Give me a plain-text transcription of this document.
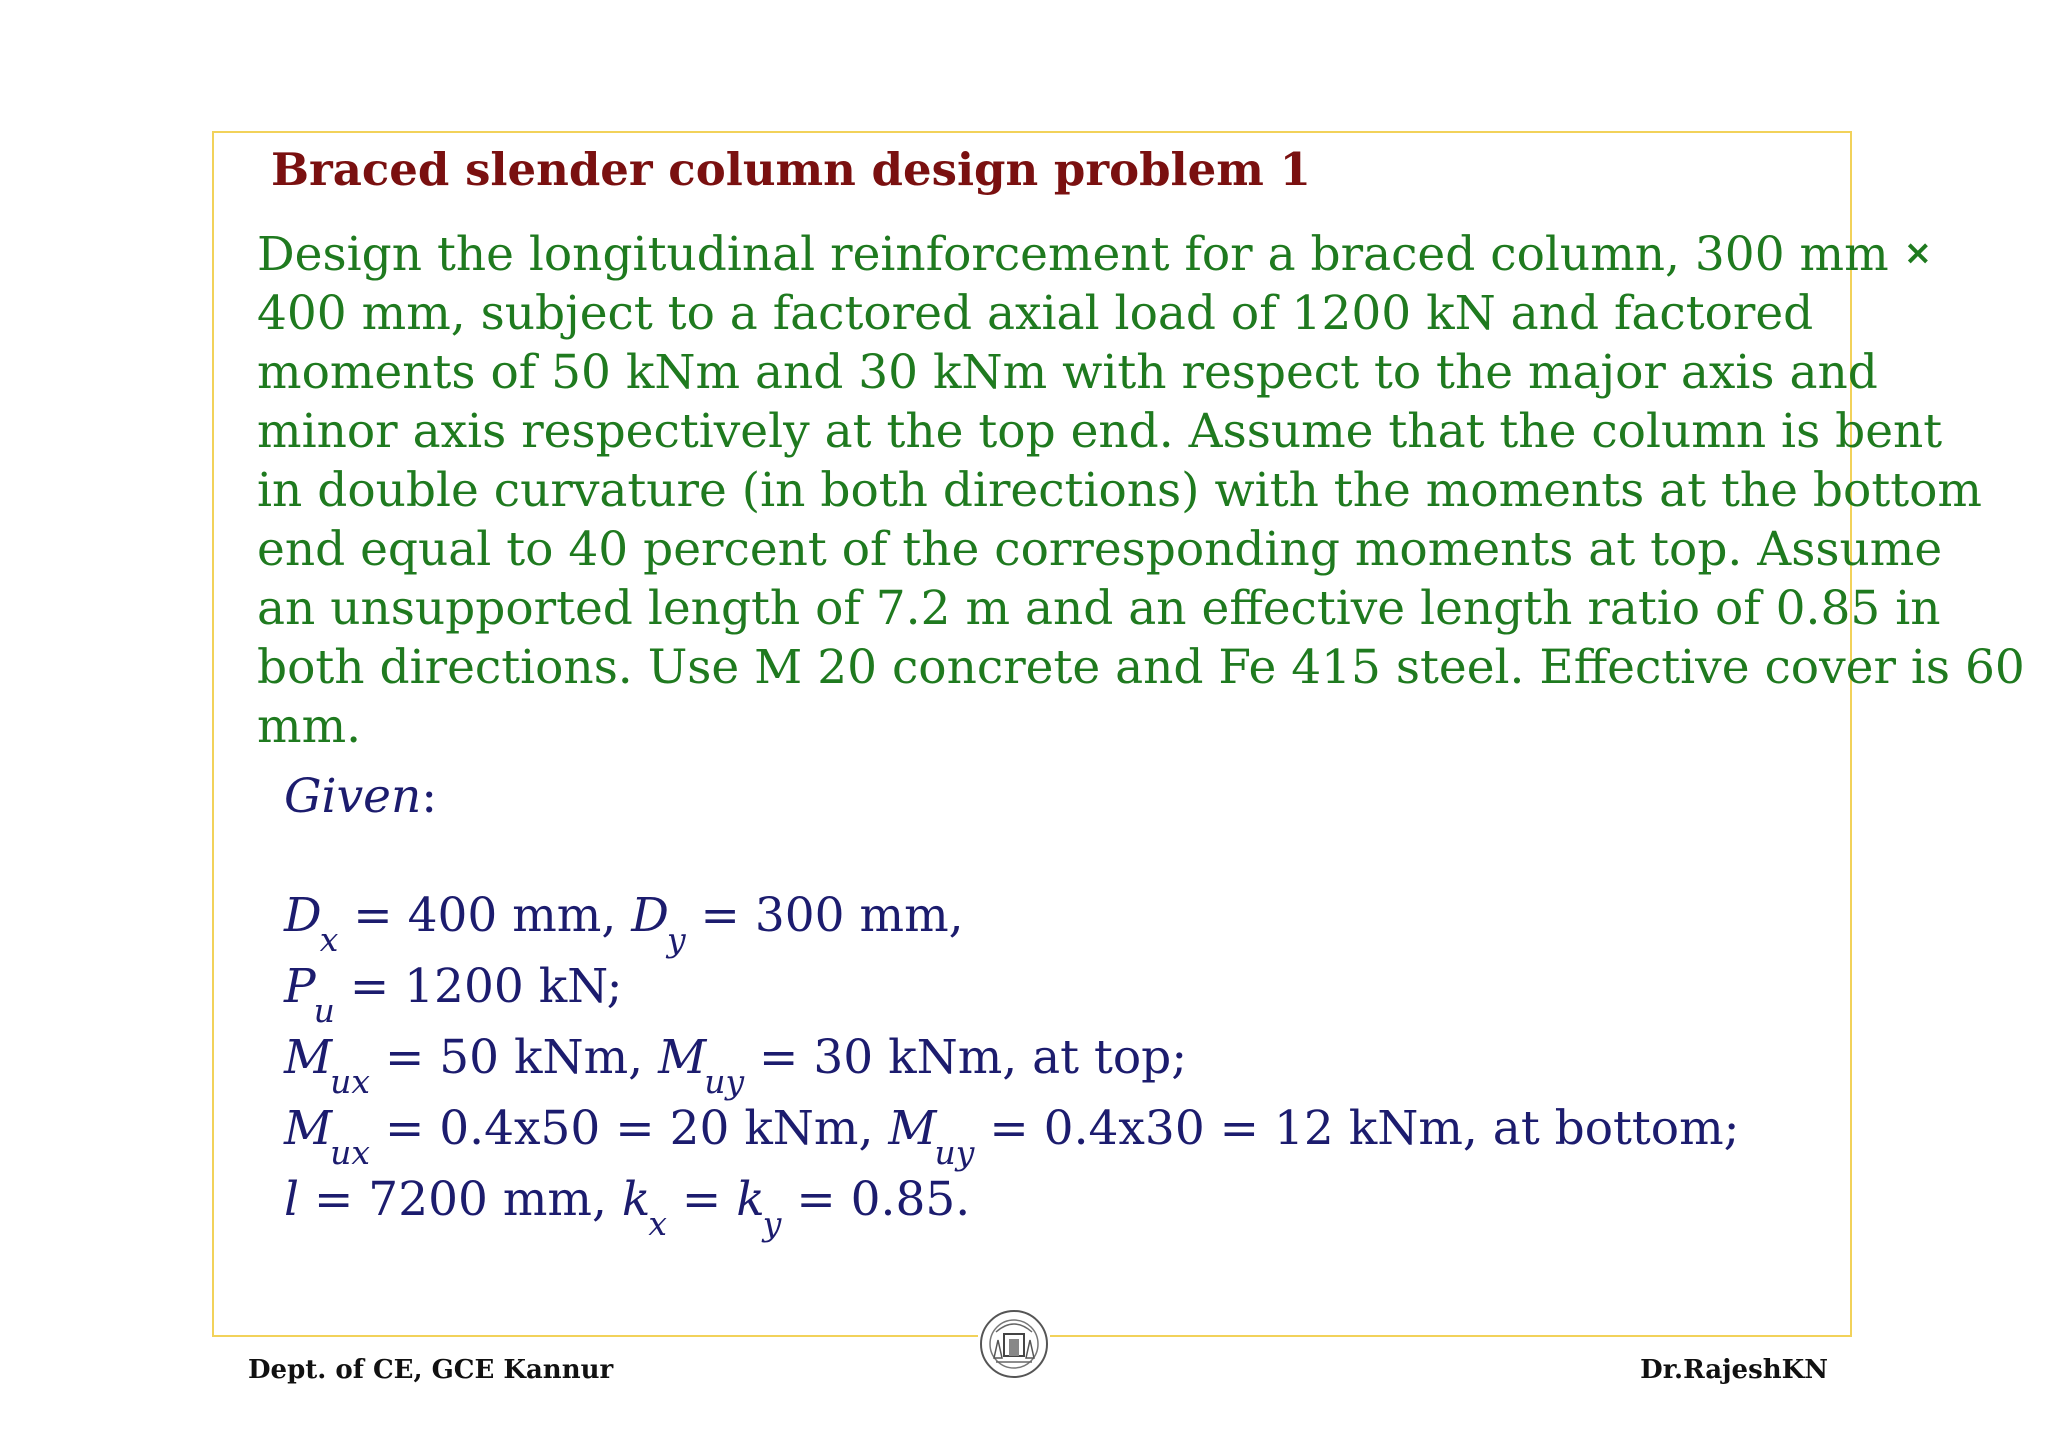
Braced slender column design problem 1
Design the longitudinal reinforcement for a braced column, 300 mm ×
400 mm, subject to a factored axial load of 1200 kN and factored
moments of 50 kNm and 30 kNm with respect to the major axis and
minor axis respectively at the top end. Assume that the column is bent
in double curvature (in both directions) with the moments at the bottom
end equal to 40 percent of the corresponding moments at top. Assume
an unsupported length of 7.2 m and an effective length ratio of 0.85 in
both directions. Use M 20 concrete and Fe 415 steel. Effective cover is 60
mm.
Given:
$D_x = 400$ mm, $D_y = 300$ mm,
$P_u = 1200$ kN;
$M_{ux} = 50$ kNm, $M_{uy} = 30$ kNm, at top;
$M_{ux} = 0.4x50 = 20$ kNm, $M_{uy} = 0.4x30 = 12$ kNm, at bottom;
l = 7200 mm, $k_x = k_y = 0.85$.
Dept. of CE, GCE Kannur	Dr.RajeshKN
